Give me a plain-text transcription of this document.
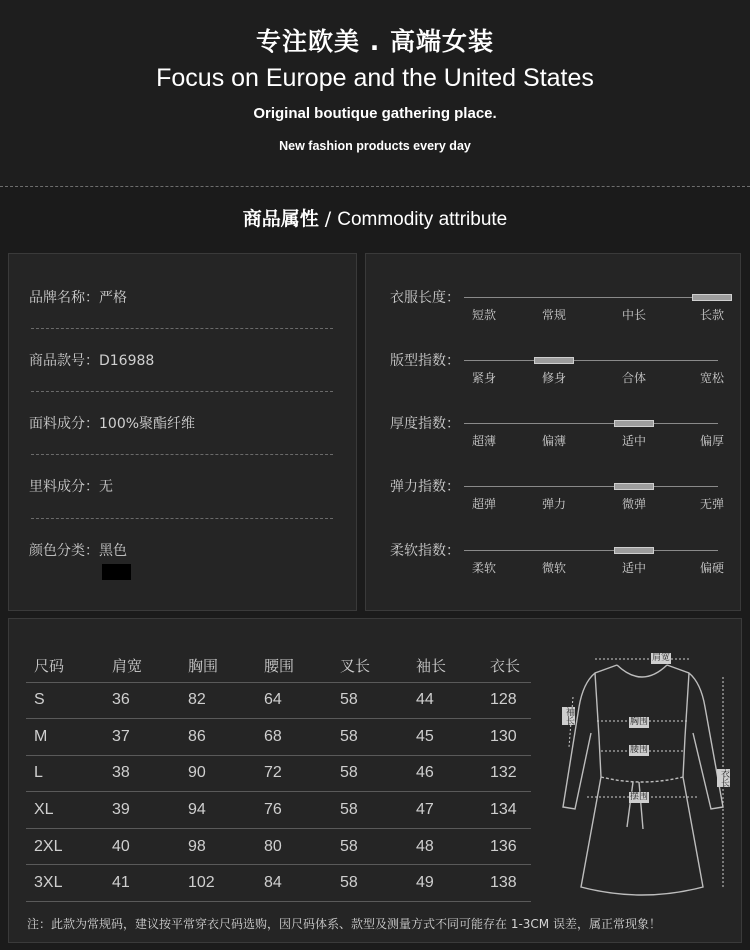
专注欧美 . 高端女装
Focus on Europe and the United States
Original boutique gathering place.
New fashion products every day
商品属性 / Commodity attribute
品牌名称：严格
商品款号：D16988
面料成分：100%聚酯纤维
里料成分：无
颜色分类：黑色
衣服长度：
短款	常规	中长	长款
版型指数：
紧身	修身	合体	宽松
厚度指数：
超薄	偏薄	适中	偏厚
弹力指数：
超弹	弹力	微弹	无弹
柔软指数：
柔软	微软	适中	偏硬
尺码	肩宽	胸围	腰围	叉长	袖长	衣长
S	36	82	64	58	44	128
M	37	86	68	58	45	130
L	38	90	72	58	46	132
XL	39	94	76	58	47	134
2XL	40	98	80	58	48	136
3XL	41	102	84	58	49	138
肩宽
袖长	胸围
腰围
摆围
衣长
注：此款为常规码，建议按平常穿衣尺码选购，因尺码体系、款型及测量方式不同可能存在 1-3CM 误差，属正常现象！
